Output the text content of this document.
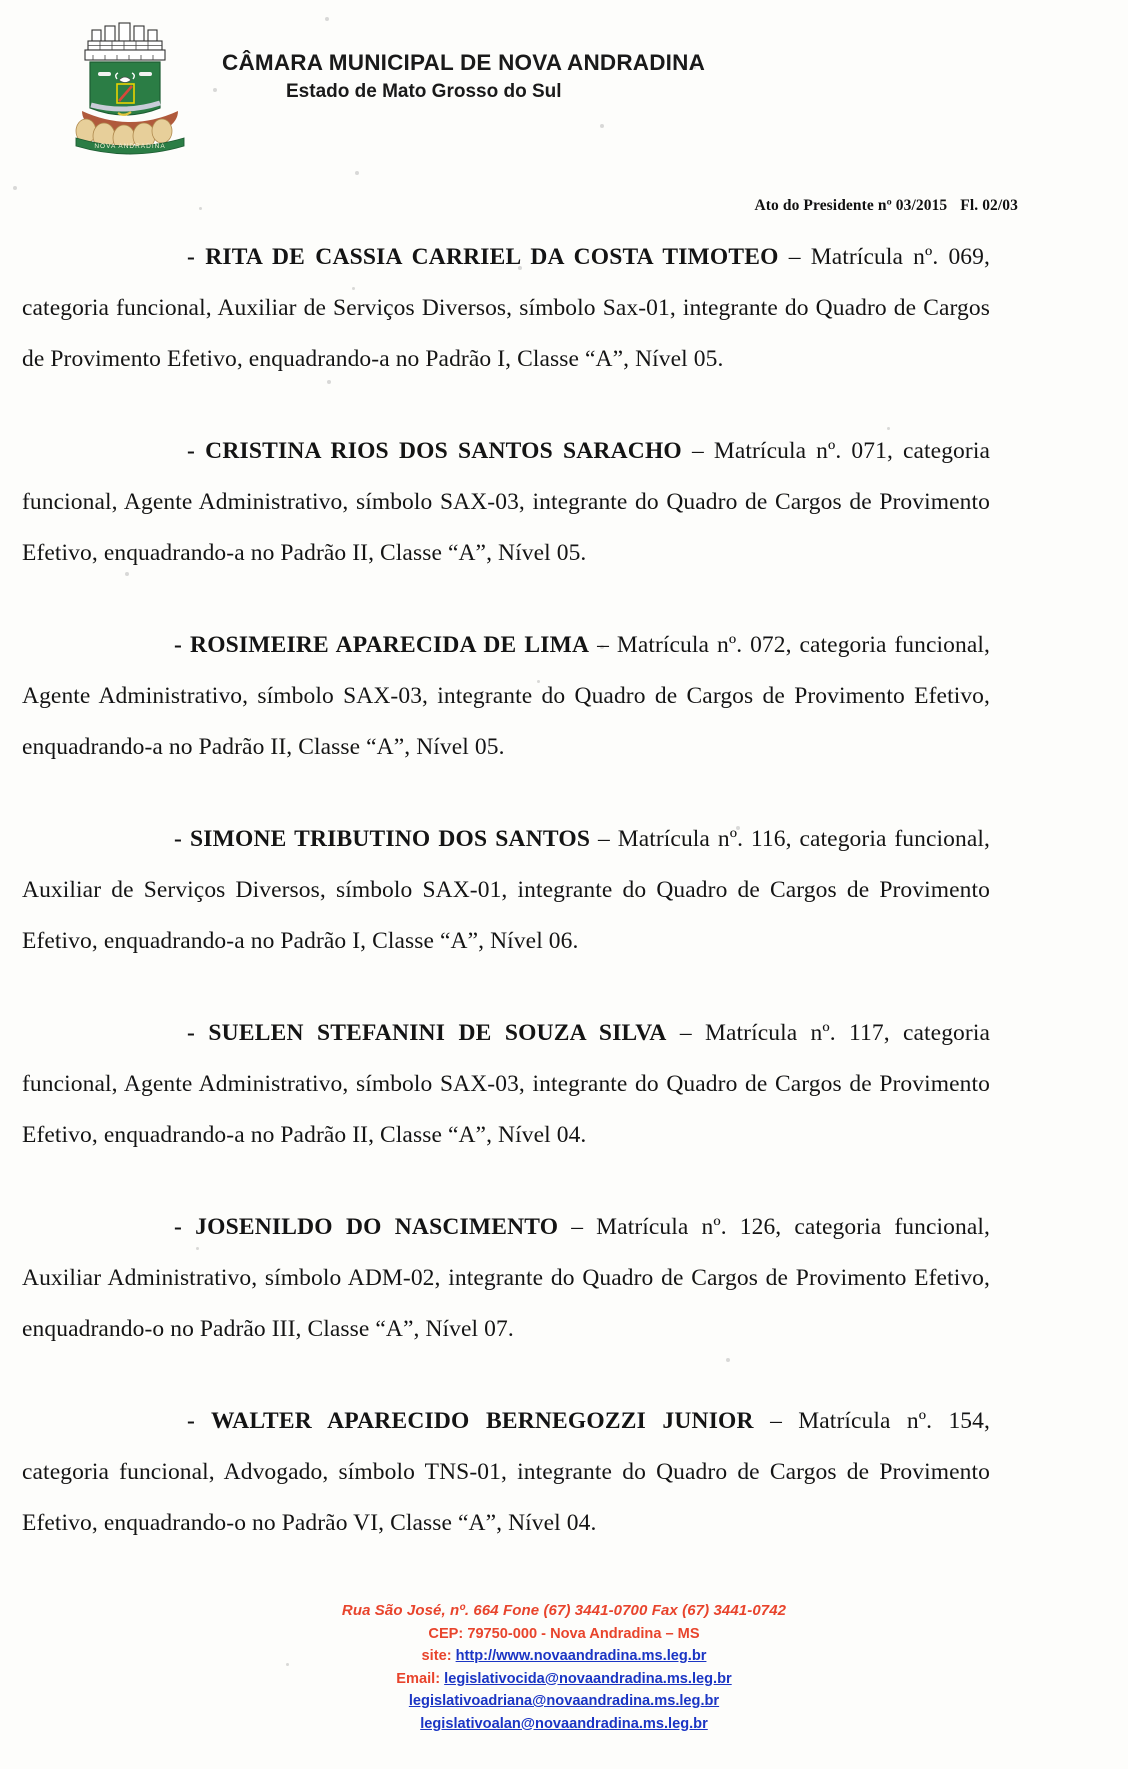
NOVA ANDRADINA
CÂMARA MUNICIPAL DE NOVA ANDRADINA
Estado de Mato Grosso do Sul
Ato do Presidente nº 03/2015 Fl. 02/03

- RITA DE CASSIA CARRIEL DA COSTA TIMOTEO – Matrícula nº. 069, categoria funcional, Auxiliar de Serviços Diversos, símbolo Sax-01, integrante do Quadro de Cargos de Provimento Efetivo, enquadrando-a no Padrão I, Classe “A”, Nível 05.

- CRISTINA RIOS DOS SANTOS SARACHO – Matrícula nº. 071, categoria funcional, Agente Administrativo, símbolo SAX-03, integrante do Quadro de Cargos de Provimento Efetivo, enquadrando-a no Padrão II, Classe “A”, Nível 05.

- ROSIMEIRE APARECIDA DE LIMA – Matrícula nº. 072, categoria funcional, Agente Administrativo, símbolo SAX-03, integrante do Quadro de Cargos de Provimento Efetivo, enquadrando-a no Padrão II, Classe “A”, Nível 05.

- SIMONE TRIBUTINO DOS SANTOS – Matrícula nº. 116, categoria funcional, Auxiliar de Serviços Diversos, símbolo SAX-01, integrante do Quadro de Cargos de Provimento Efetivo, enquadrando-a no Padrão I, Classe “A”, Nível 06.

- SUELEN STEFANINI DE SOUZA SILVA – Matrícula nº. 117, categoria funcional, Agente Administrativo, símbolo SAX-03, integrante do Quadro de Cargos de Provimento Efetivo, enquadrando-a no Padrão II, Classe “A”, Nível 04.

- JOSENILDO DO NASCIMENTO – Matrícula nº. 126, categoria funcional, Auxiliar Administrativo, símbolo ADM-02, integrante do Quadro de Cargos de Provimento Efetivo, enquadrando-o no Padrão III, Classe “A”, Nível 07.

- WALTER APARECIDO BERNEGOZZI JUNIOR – Matrícula nº. 154, categoria funcional, Advogado, símbolo TNS-01, integrante do Quadro de Cargos de Provimento Efetivo, enquadrando-o no Padrão VI, Classe “A”, Nível 04.

Rua São José, nº. 664 Fone (67) 3441-0700 Fax (67) 3441-0742
CEP: 79750-000 - Nova Andradina – MS
site: http://www.novaandradina.ms.leg.br
Email: legislativocida@novaandradina.ms.leg.br
legislativoadriana@novaandradina.ms.leg.br
legislativoalan@novaandradina.ms.leg.br
